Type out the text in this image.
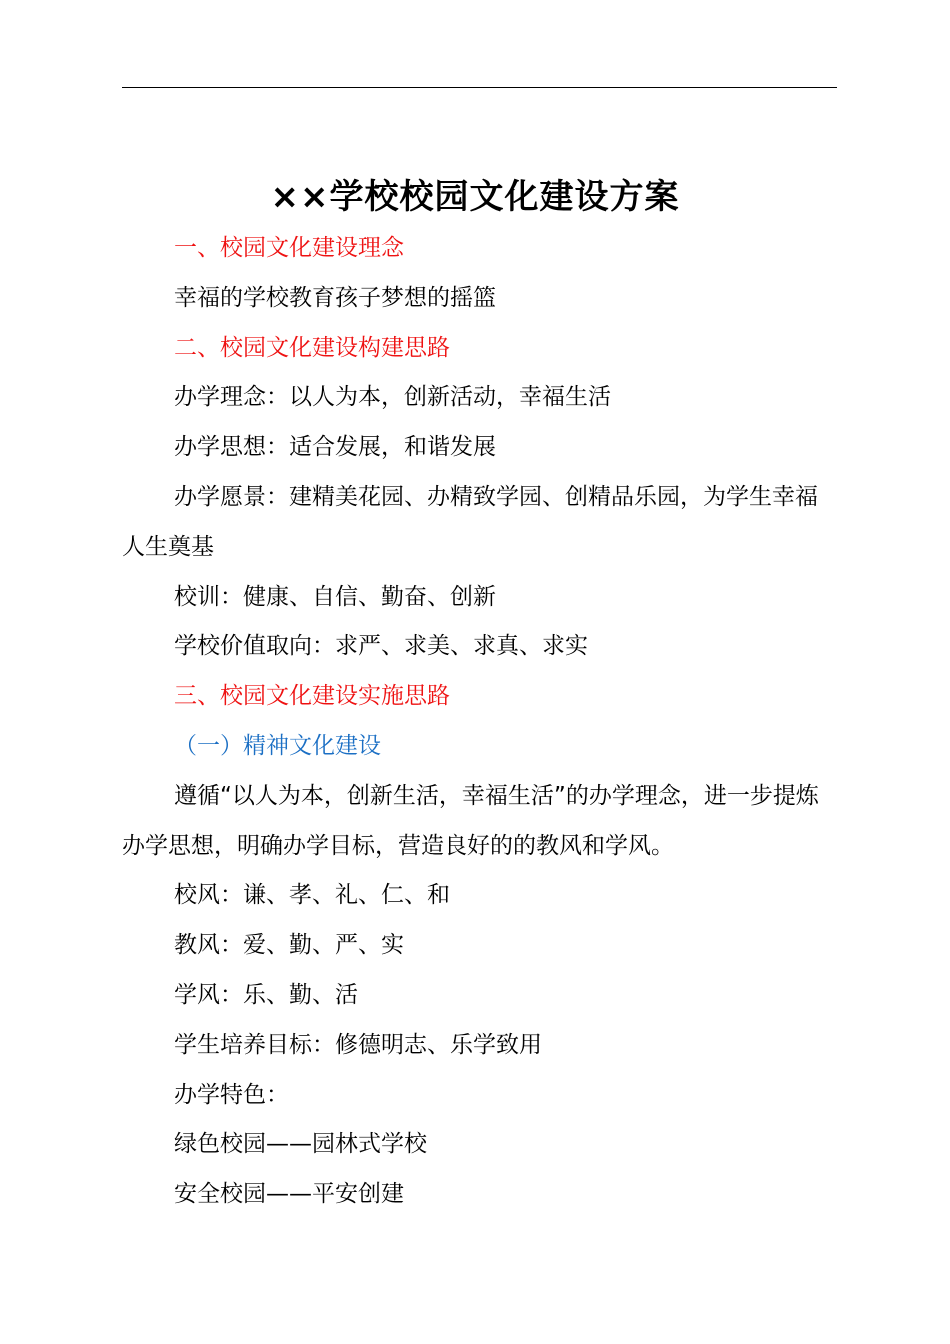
××学校校园文化建设方案

一、校园文化建设理念

幸福的学校教育孩子梦想的摇篮

二、校园文化建设构建思路

办学理念：以人为本，创新活动，幸福生活

办学思想：适合发展，和谐发展

办学愿景：建精美花园、办精致学园、创精品乐园，为学生幸福人生奠基

校训：健康、自信、勤奋、创新

学校价值取向：求严、求美、求真、求实

三、校园文化建设实施思路

（一）精神文化建设

遵循“以人为本，创新生活，幸福生活”的办学理念，进一步提炼办学思想，明确办学目标，营造良好的的教风和学风。

校风：谦、孝、礼、仁、和

教风：爱、勤、严、实

学风：乐、勤、活

学生培养目标：修德明志、乐学致用

办学特色：

绿色校园——园林式学校

安全校园——平安创建
